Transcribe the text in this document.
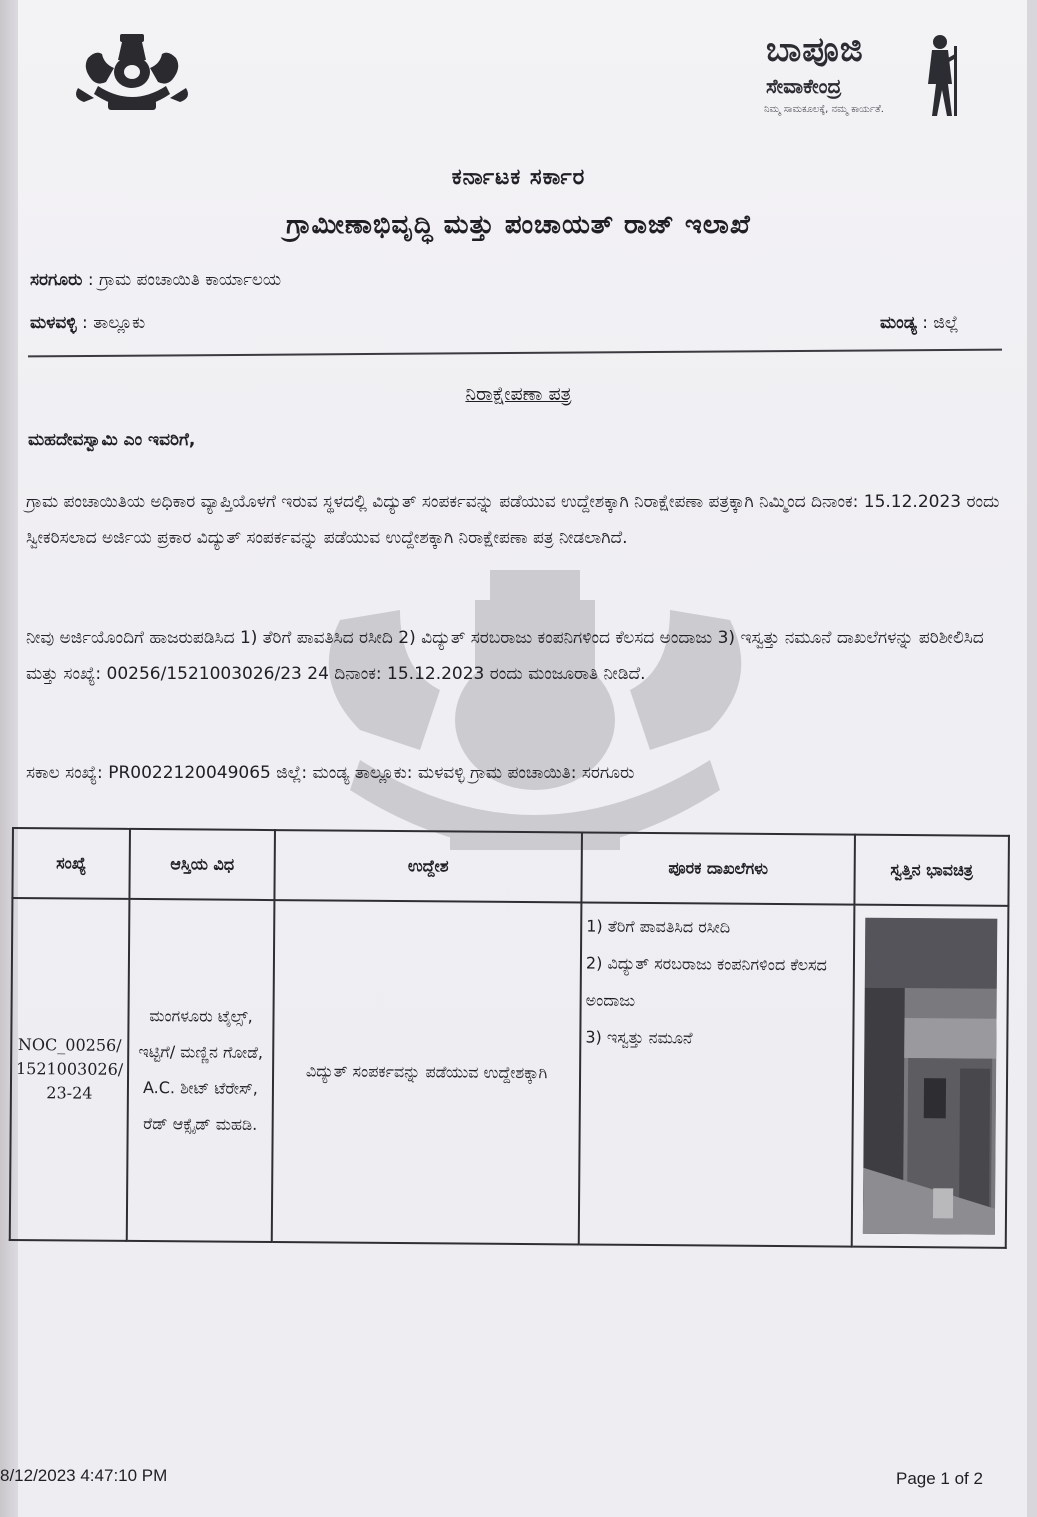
ಬಾಪೂಜಿ
ಸೇವಾಕೇಂದ್ರ
ನಿಮ್ಮ ಸಾಮಕೂಲಕ್ಕೆ, ನಮ್ಮ ಕಾರ್ಯತೆ.
ಕರ್ನಾಟಕ ಸರ್ಕಾರ
ಗ್ರಾಮೀಣಾಭಿವೃದ್ಧಿ ಮತ್ತು ಪಂಚಾಯತ್ ರಾಜ್ ಇಲಾಖೆ
ಸರಗೂರು : ಗ್ರಾಮ ಪಂಚಾಯಿತಿ ಕಾರ್ಯಾಲಯ
ಮಳವಳ್ಳಿ : ತಾಲ್ಲೂಕು	ಮಂಡ್ಯ : ಜಿಲ್ಲೆ
ನಿರಾಕ್ಷೇಪಣಾ ಪತ್ರ
ಮಹದೇವಸ್ವಾಮಿ ಎಂ ಇವರಿಗೆ,
ಗ್ರಾಮ ಪಂಚಾಯಿತಿಯ ಅಧಿಕಾರ ವ್ಯಾಪ್ತಿಯೊಳಗೆ ಇರುವ ಸ್ಥಳದಲ್ಲಿ ವಿದ್ಯುತ್ ಸಂಪರ್ಕವನ್ನು ಪಡೆಯುವ ಉದ್ದೇಶಕ್ಕಾಗಿ ನಿರಾಕ್ಷೇಪಣಾ ಪತ್ರಕ್ಕಾಗಿ ನಿಮ್ಮಿಂದ ದಿನಾಂಕ: 15.12.2023 ರಂದು ಸ್ವೀಕರಿಸಲಾದ ಅರ್ಜಿಯ ಪ್ರಕಾರ ವಿದ್ಯುತ್ ಸಂಪರ್ಕವನ್ನು ಪಡೆಯುವ ಉದ್ದೇಶಕ್ಕಾಗಿ ನಿರಾಕ್ಷೇಪಣಾ ಪತ್ರ ನೀಡಲಾಗಿದೆ.
ನೀವು ಅರ್ಜಿಯೊಂದಿಗೆ ಹಾಜರುಪಡಿಸಿದ 1) ತೆರಿಗೆ ಪಾವತಿಸಿದ ರಸೀದಿ 2) ವಿದ್ಯುತ್ ಸರಬರಾಜು ಕಂಪನಿಗಳಿಂದ ಕೆಲಸದ ಅಂದಾಜು 3) ಇಸ್ವತ್ತು ನಮೂನೆ ದಾಖಲೆಗಳನ್ನು ಪರಿಶೀಲಿಸಿದ ಮತ್ತು ಸಂಖ್ಯೆ: 00256/1521003026/23 24 ದಿನಾಂಕ: 15.12.2023 ರಂದು ಮಂಜೂರಾತಿ ನೀಡಿದೆ.
ಸಕಾಲ ಸಂಖ್ಯೆ: PR0022120049065 ಜಿಲ್ಲೆ: ಮಂಡ್ಯ ತಾಲ್ಲೂಕು: ಮಳವಳ್ಳಿ ಗ್ರಾಮ ಪಂಚಾಯಿತಿ: ಸರಗೂರು
ಸಂಖ್ಯೆ	ಆಸ್ತಿಯ ವಿಧ	ಉದ್ದೇಶ	ಪೂರಕ ದಾಖಲೆಗಳು	ಸ್ವತ್ತಿನ ಭಾವಚಿತ್ರ
NOC_00256/1521003026/23-24	ಮಂಗಳೂರು ಟೈಲ್ಸ್, ಇಟ್ಟಿಗೆ/ ಮಣ್ಣಿನ ಗೋಡೆ, A.C. ಶೀಟ್ ಟೆರೇಸ್, ರೆಡ್ ಆಕ್ಸೈಡ್ ಮಹಡಿ.	ವಿದ್ಯುತ್ ಸಂಪರ್ಕವನ್ನು ಪಡೆಯುವ ಉದ್ದೇಶಕ್ಕಾಗಿ	1) ತೆರಿಗೆ ಪಾವತಿಸಿದ ರಸೀದಿ
2) ವಿದ್ಯುತ್ ಸರಬರಾಜು ಕಂಪನಿಗಳಿಂದ ಕೆಲಸದ ಅಂದಾಜು
3) ಇಸ್ವತ್ತು ನಮೂನೆ

8/12/2023 4:47:10 PM	Page 1 of 2
